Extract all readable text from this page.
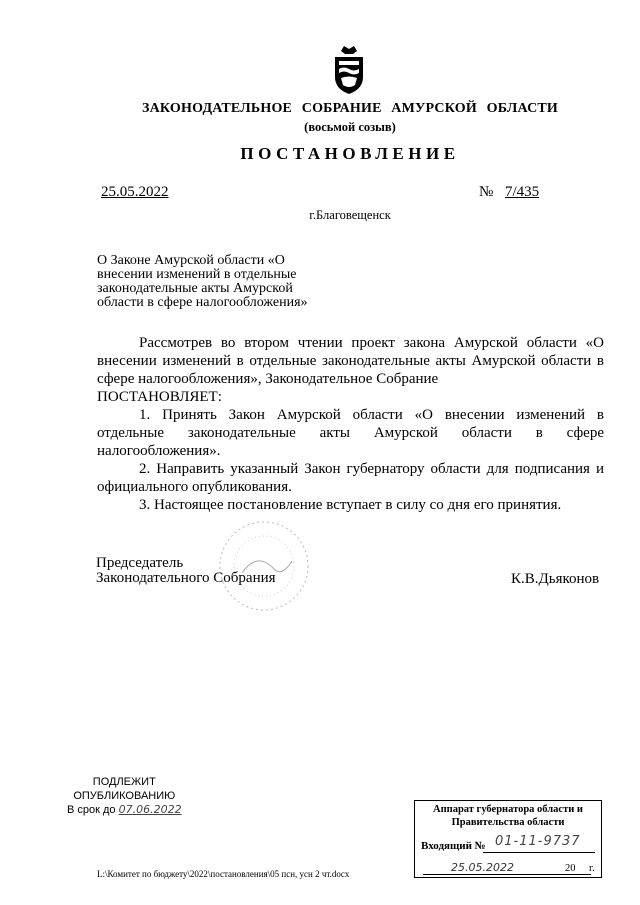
ЗАКОНОДАТЕЛЬНОЕ СОБРАНИЕ АМУРСКОЙ ОБЛАСТИ
(восьмой созыв)
ПОСТАНОВЛЕНИЕ
25.05.2022	№ 7/435
г.Благовещенск
О Законе Амурской области «О
внесении изменений в отдельные
законодательные акты Амурской
области в сфере налогообложения»

Рассмотрев во втором чтении проект закона Амурской области «О внесении изменений в отдельные законодательные акты Амурской области в сфере налогообложения», Законодательное Собрание

ПОСТАНОВЛЯЕТ:

1. Принять Закон Амурской области «О внесении изменений в отдельные законодательные акты Амурской области в сфере налогообложения».

2. Направить указанный Закон губернатору области для подписания и официального опубликования.

3. Настоящее постановление вступает в силу со дня его принятия.

Председатель
Законодательного Собрания	К.В.Дьяконов
ПОДЛЕЖИТ
ОПУБЛИКОВАНИЮ
В срок до 07.06.2022	Аппарат губернатора области и
Правительства области
Входящий № 01-11-9737
25.05.2022	20 г.
L:\Комитет по бюджету\2022\постановления\05 псн, усн 2 чт.docx
